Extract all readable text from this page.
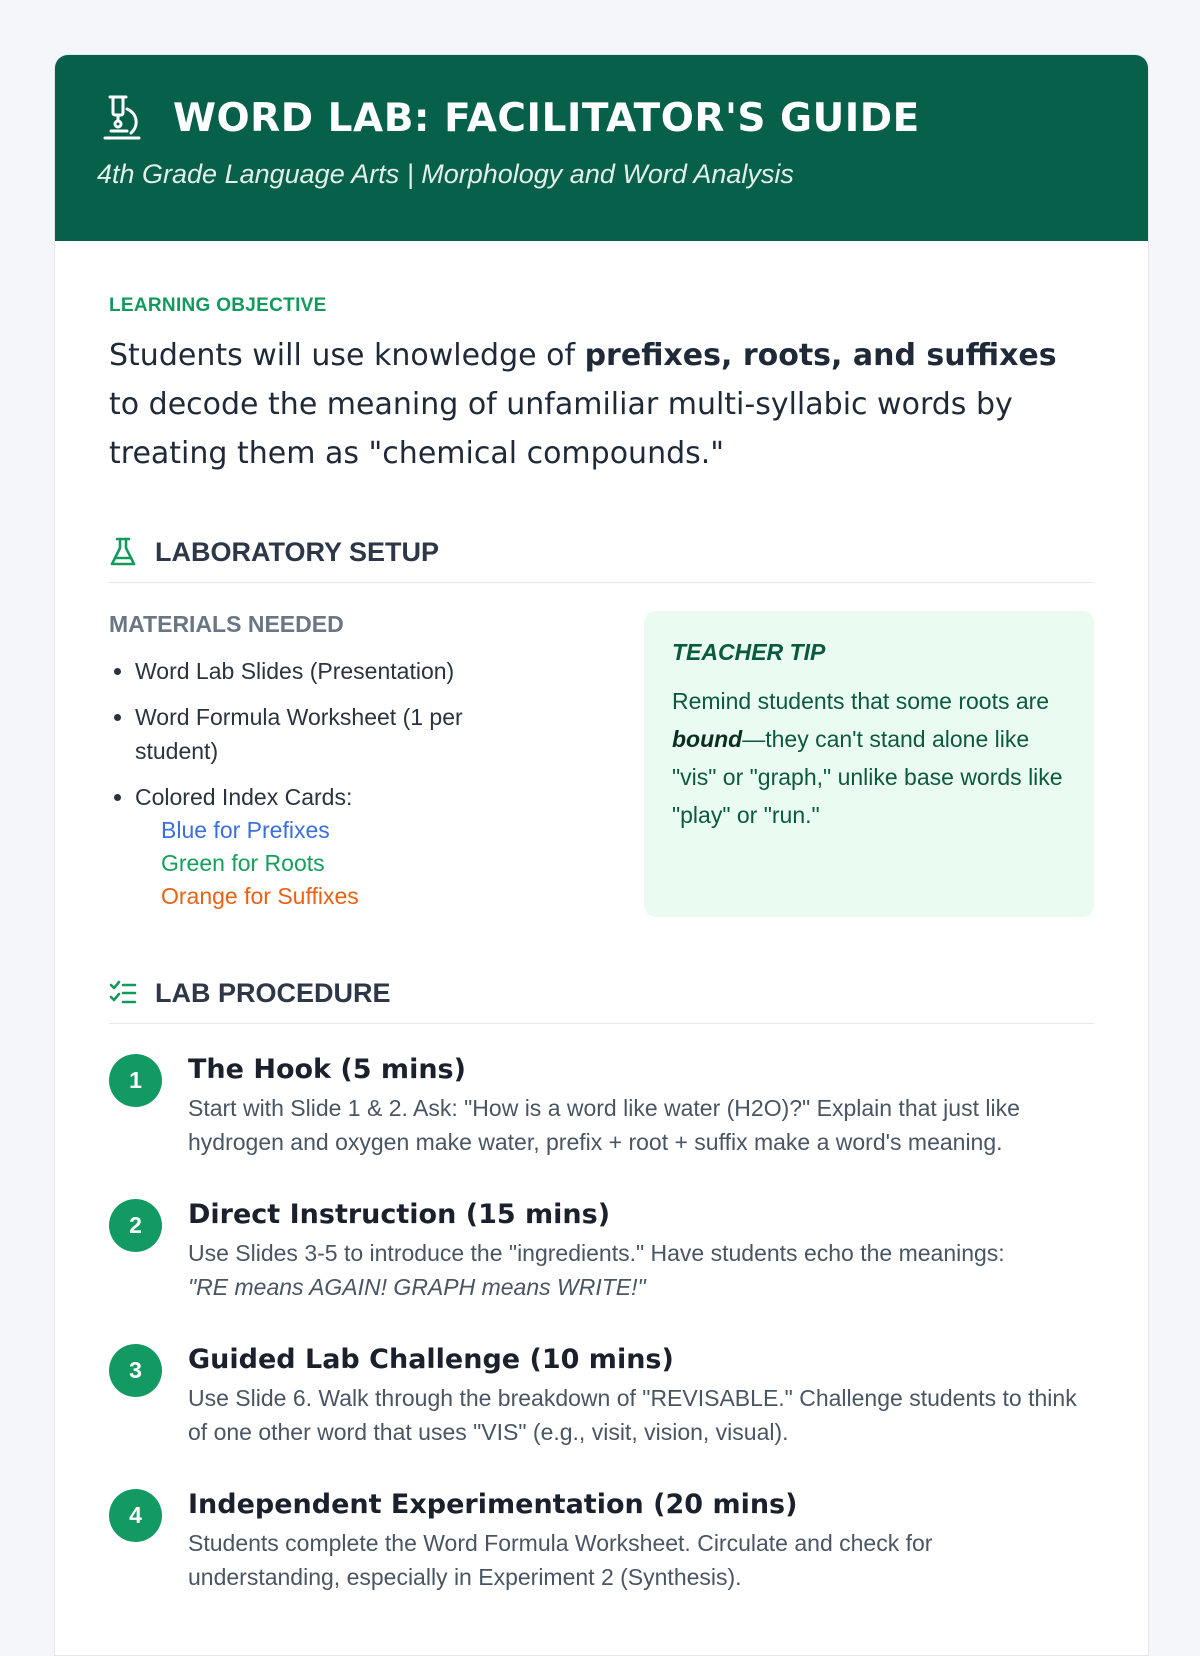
WORD LAB: FACILITATOR'S GUIDE
4th Grade Language Arts | Morphology and Word Analysis
LEARNING OBJECTIVE
Students will use knowledge of prefixes, roots, and suffixes to decode the meaning of unfamiliar multi-syllabic words by treating them as "chemical compounds."
LABORATORY SETUP
MATERIALS NEEDED
• Word Lab Slides (Presentation)
• Word Formula Worksheet (1 per student)
• Colored Index Cards:
Blue for Prefixes
Green for Roots
Orange for Suffixes
TEACHER TIP
Remind students that some roots are bound—they can't stand alone like "vis" or "graph," unlike base words like "play" or "run."
LAB PROCEDURE
1	The Hook (5 mins)
Start with Slide 1 & 2. Ask: "How is a word like water (H2O)?" Explain that just like hydrogen and oxygen make water, prefix + root + suffix make a word's meaning.
2	Direct Instruction (15 mins)
Use Slides 3-5 to introduce the "ingredients." Have students echo the meanings:
"RE means AGAIN! GRAPH means WRITE!"
3	Guided Lab Challenge (10 mins)
Use Slide 6. Walk through the breakdown of "REVISABLE." Challenge students to think of one other word that uses "VIS" (e.g., visit, vision, visual).
4	Independent Experimentation (20 mins)
Students complete the Word Formula Worksheet. Circulate and check for understanding, especially in Experiment 2 (Synthesis).
